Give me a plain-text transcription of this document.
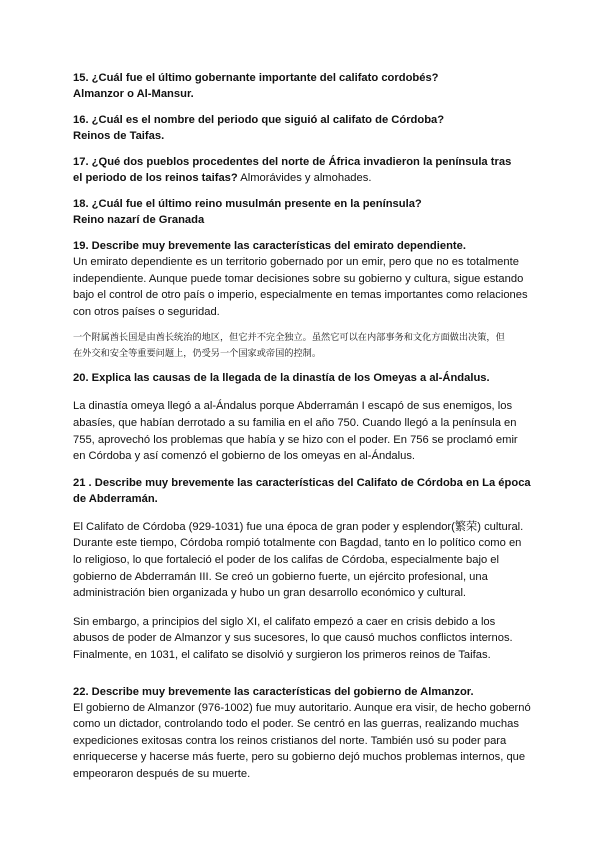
15. ¿Cuál fue el último gobernante importante del califato cordobés?

Almanzor o Al-Mansur.

16. ¿Cuál es el nombre del periodo que siguió al califato de Córdoba?

Reinos de Taifas.

17. ¿Qué dos pueblos procedentes del norte de África invadieron la península tras

el periodo de los reinos taifas? Almorávides y almohades.

18. ¿Cuál fue el último reino musulmán presente en la península?

Reino nazarí de Granada

19. Describe muy brevemente las características del emirato dependiente.

Un emirato dependiente es un territorio gobernado por un emir, pero que no es totalmente

independiente. Aunque puede tomar decisiones sobre su gobierno y cultura, sigue estando

bajo el control de otro país o imperio, especialmente en temas importantes como relaciones

con otros países o seguridad.

一个附属酋长国是由酋长统治的地区，但它并不完全独立。虽然它可以在内部事务和文化方面做出决策，但

在外交和安全等重要问题上，仍受另一个国家或帝国的控制。

20. Explica las causas de la llegada de la dinastía de los Omeyas a al-Ándalus.

La dinastía omeya llegó a al-Ándalus porque Abderramán I escapó de sus enemigos, los

abasíes, que habían derrotado a su familia en el año 750. Cuando llegó a la península en

755, aprovechó los problemas que había y se hizo con el poder. En 756 se proclamó emir

en Córdoba y así comenzó el gobierno de los omeyas en al-Ándalus.

21 . Describe muy brevemente las características del Califato de Córdoba en La época

de Abderramán.

El Califato de Córdoba (929-1031) fue una época de gran poder y esplendor(繁荣) cultural.

Durante este tiempo, Córdoba rompió totalmente con Bagdad, tanto en lo político como en

lo religioso, lo que fortaleció el poder de los califas de Córdoba, especialmente bajo el

gobierno de Abderramán III. Se creó un gobierno fuerte, un ejército profesional, una

administración bien organizada y hubo un gran desarrollo económico y cultural.

Sin embargo, a principios del siglo XI, el califato empezó a caer en crisis debido a los

abusos de poder de Almanzor y sus sucesores, lo que causó muchos conflictos internos.

Finalmente, en 1031, el califato se disolvió y surgieron los primeros reinos de Taifas.

22. Describe muy brevemente las características del gobierno de Almanzor.

El gobierno de Almanzor (976-1002) fue muy autoritario. Aunque era visir, de hecho gobernó

como un dictador, controlando todo el poder. Se centró en las guerras, realizando muchas

expediciones exitosas contra los reinos cristianos del norte. También usó su poder para

enriquecerse y hacerse más fuerte, pero su gobierno dejó muchos problemas internos, que

empeoraron después de su muerte.
